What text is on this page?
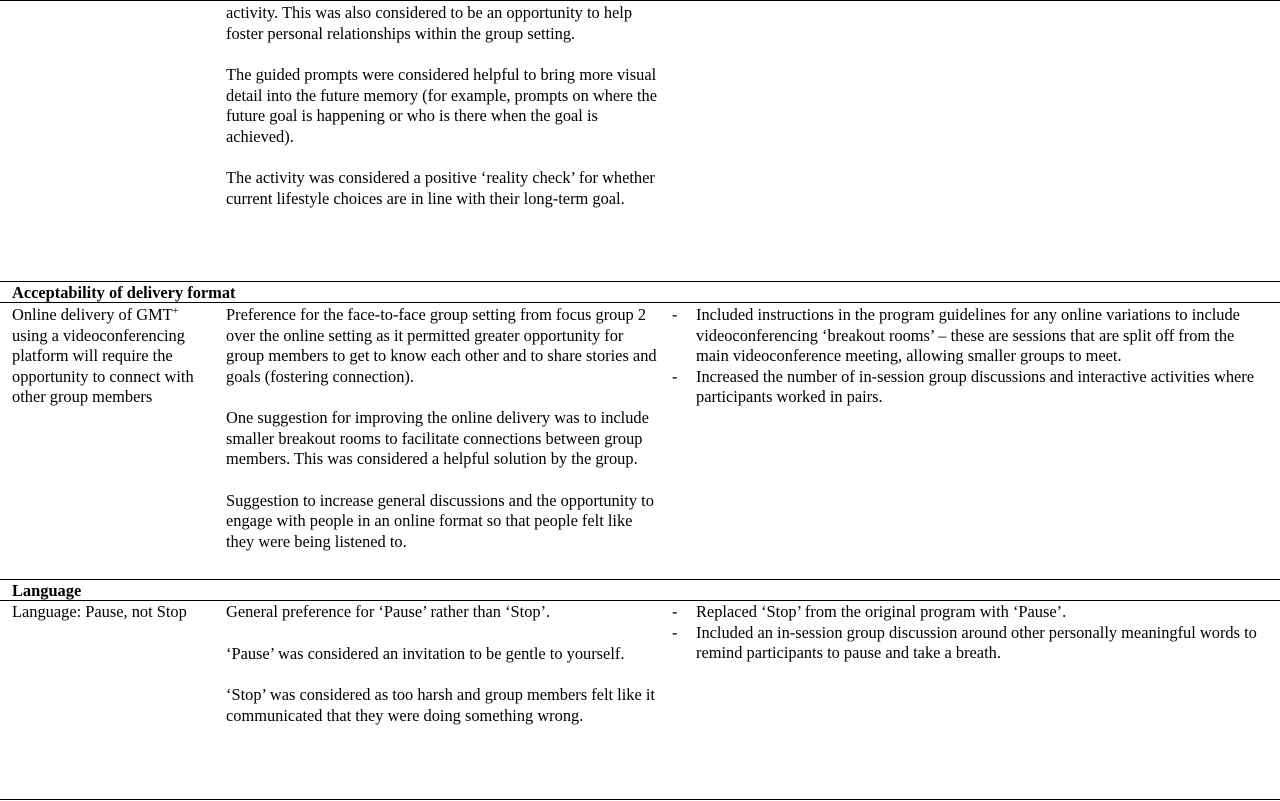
activity. This was also considered to be an opportunity to help foster personal relationships within the group setting.

The guided prompts were considered helpful to bring more visual detail into the future memory (for example, prompts on where the future goal is happening or who is there when the goal is achieved).

The activity was considered a positive ‘reality check’ for whether current lifestyle choices are in line with their long-term goal.

Acceptability of delivery format

Online delivery of GMT+ using a videoconferencing platform will require the opportunity to connect with other group members

Preference for the face-to-face group setting from focus group 2 over the online setting as it permitted greater opportunity for group members to get to know each other and to share stories and goals (fostering connection).

One suggestion for improving the online delivery was to include smaller breakout rooms to facilitate connections between group members. This was considered a helpful solution by the group.

Suggestion to increase general discussions and the opportunity to engage with people in an online format so that people felt like they were being listened to.

- Included instructions in the program guidelines for any online variations to include videoconferencing ‘breakout rooms’ – these are sessions that are split off from the main videoconference meeting, allowing smaller groups to meet.
- Increased the number of in-session group discussions and interactive activities where participants worked in pairs.
Language

Language: Pause, not Stop	General preference for ‘Pause’ rather than ‘Stop’.

‘Pause’ was considered an invitation to be gentle to yourself.

‘Stop’ was considered as too harsh and group members felt like it communicated that they were doing something wrong.

- Replaced ‘Stop’ from the original program with ‘Pause’.
- Included an in-session group discussion around other personally meaningful words to remind participants to pause and take a breath.
